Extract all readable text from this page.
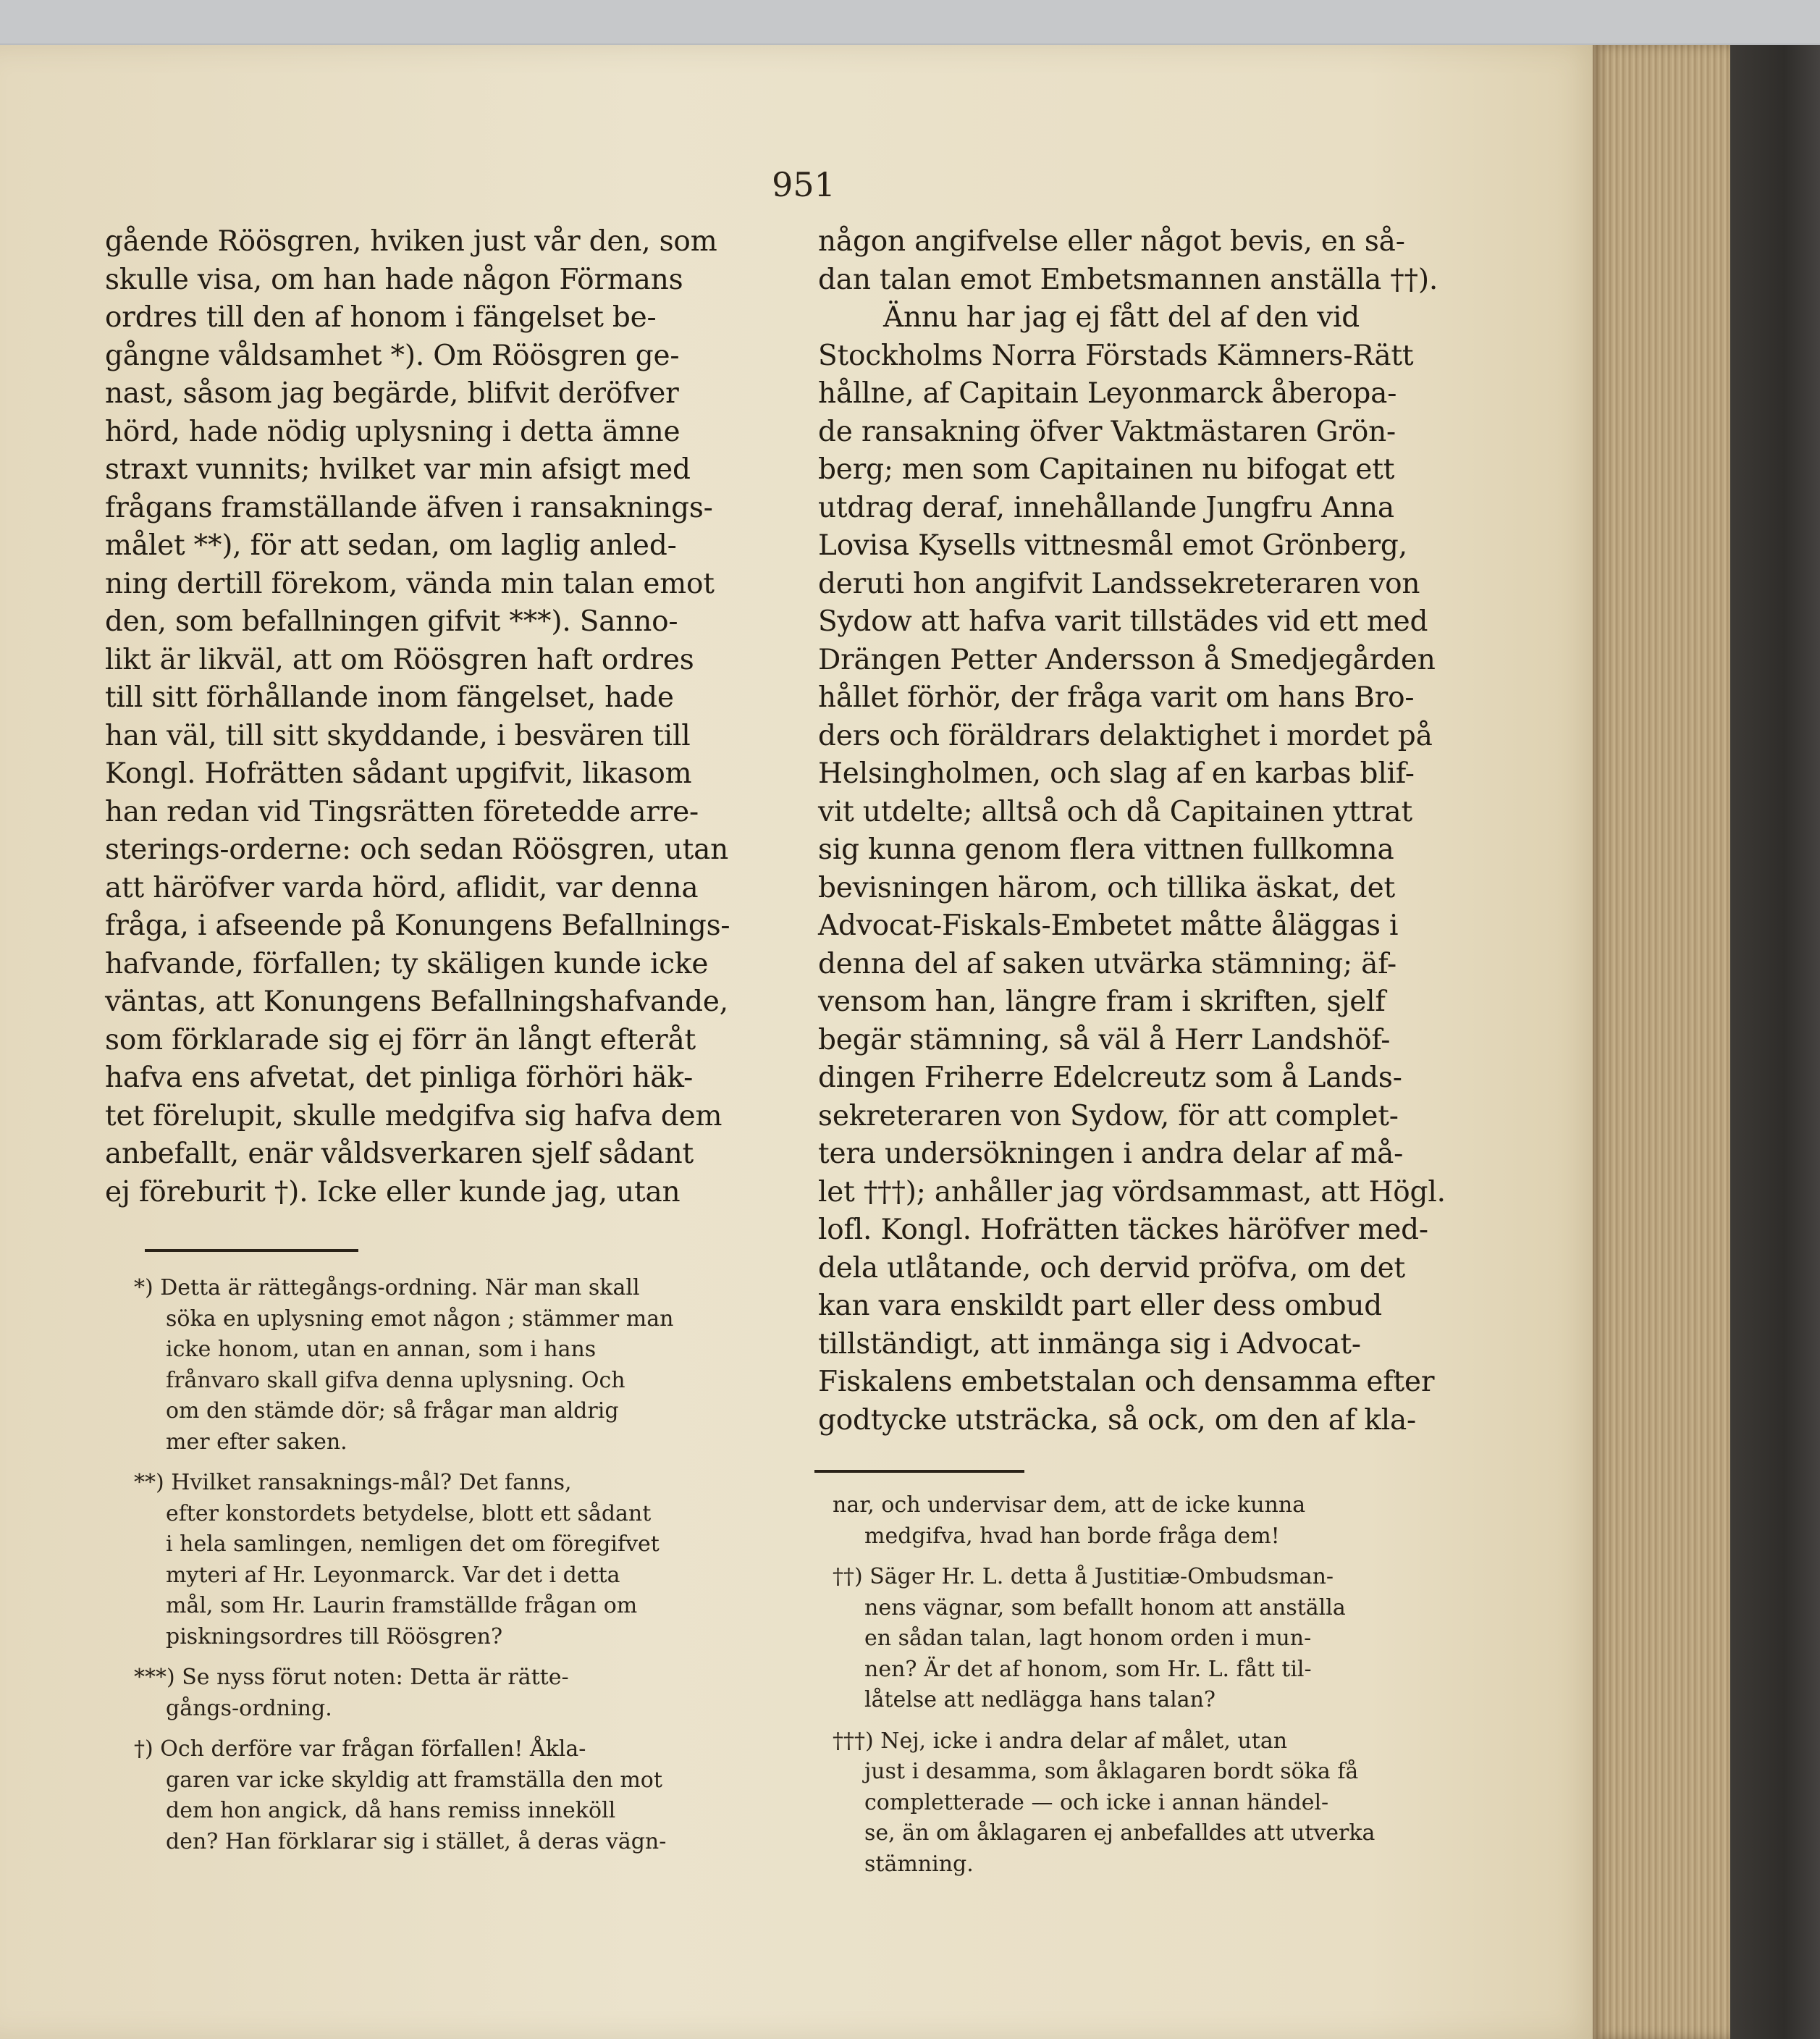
951
gående Röösgren, hviken just vår den, som
skulle visa, om han hade någon Förmans
ordres till den af honom i fängelset be-
gångne våldsamhet *). Om Röösgren ge-
nast, såsom jag begärde, blifvit deröfver
hörd, hade nödig uplysning i detta ämne
straxt vunnits; hvilket var min afsigt med
frågans framställande äfven i ransaknings-
målet **), för att sedan, om laglig anled-
ning dertill förekom, vända min talan emot
den, som befallningen gifvit ***). Sanno-
likt är likväl, att om Röösgren haft ordres
till sitt förhållande inom fängelset, hade
han väl, till sitt skyddande, i besvären till
Kongl. Hofrätten sådant upgifvit, likasom
han redan vid Tingsrätten företedde arre-
sterings-orderne: och sedan Röösgren, utan
att häröfver varda hörd, aflidit, var denna
fråga, i afseende på Konungens Befallnings-
hafvande, förfallen; ty skäligen kunde icke
väntas, att Konungens Befallningshafvande,
som förklarade sig ej förr än långt efteråt
hafva ens afvetat, det pinliga förhöri häk-
tet förelupit, skulle medgifva sig hafva dem
anbefallt, enär våldsverkaren sjelf sådant
ej föreburit †). Icke eller kunde jag, utan
någon angifvelse eller något bevis, en så-
dan talan emot Embetsmannen anställa ††).
Ännu har jag ej fått del af den vid
Stockholms Norra Förstads Kämners-Rätt
hållne, af Capitain Leyonmarck åberopa-
de ransakning öfver Vaktmästaren Grön-
berg; men som Capitainen nu bifogat ett
utdrag deraf, innehållande Jungfru Anna
Lovisa Kysells vittnesmål emot Grönberg,
deruti hon angifvit Landssekreteraren von
Sydow att hafva varit tillstädes vid ett med
Drängen Petter Andersson å Smedjegården
hållet förhör, der fråga varit om hans Bro-
ders och föräldrars delaktighet i mordet på
Helsingholmen, och slag af en karbas blif-
vit utdelte; alltså och då Capitainen yttrat
sig kunna genom flera vittnen fullkomna
bevisningen härom, och tillika äskat, det
Advocat-Fiskals-Embetet måtte åläggas i
denna del af saken utvärka stämning; äf-
vensom han, längre fram i skriften, sjelf
begär stämning, så väl å Herr Landshöf-
dingen Friherre Edelcreutz som å Lands-
sekreteraren von Sydow, för att complet-
tera undersökningen i andra delar af må-
let †††); anhåller jag vördsammast, att Högl.
lofl. Kongl. Hofrätten täckes häröfver med-
dela utlåtande, och dervid pröfva, om det
kan vara enskildt part eller dess ombud
tillständigt, att inmänga sig i Advocat-
Fiskalens embetstalan och densamma efter
godtycke utsträcka, så ock, om den af kla-
*) Detta är rättegångs-ordning. När man skall
söka en uplysning emot någon ; stämmer man
icke honom, utan en annan, som i hans
frånvaro skall gifva denna uplysning. Och
om den stämde dör; så frågar man aldrig
mer efter saken.
**) Hvilket ransaknings-mål? Det fanns,
efter konstordets betydelse, blott ett sådant
i hela samlingen, nemligen det om föregifvet
myteri af Hr. Leyonmarck. Var det i detta
mål, som Hr. Laurin framställde frågan om
piskningsordres till Röösgren?
***) Se nyss förut noten: Detta är rätte-
gångs-ordning.
†) Och derföre var frågan förfallen! Åkla-
garen var icke skyldig att framställa den mot
dem hon angick, då hans remiss inneköll
den? Han förklarar sig i stället, å deras vägn-
nar, och undervisar dem, att de icke kunna
medgifva, hvad han borde fråga dem!
††) Säger Hr. L. detta å Justitiæ-Ombudsman-
nens vägnar, som befallt honom att anställa
en sådan talan, lagt honom orden i mun-
nen? Är det af honom, som Hr. L. fått til-
låtelse att nedlägga hans talan?
†††) Nej, icke i andra delar af målet, utan
just i desamma, som åklagaren bordt söka få
completterade — och icke i annan händel-
se, än om åklagaren ej anbefalldes att utverka
stämning.
